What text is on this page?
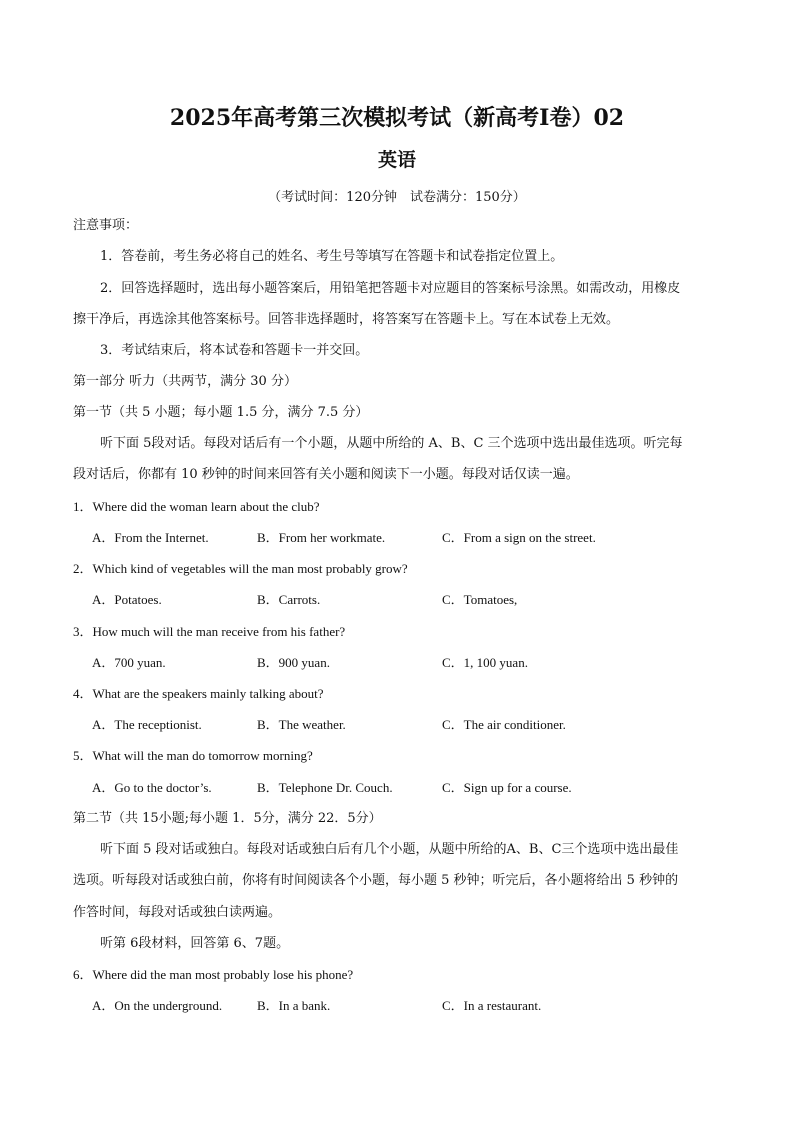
2025年高考第三次模拟考试（新高考I卷）02
英语
（考试时间：120分钟　试卷满分：150分）
注意事项：
1．答卷前，考生务必将自己的姓名、考生号等填写在答题卡和试卷指定位置上。
2．回答选择题时，选出每小题答案后，用铅笔把答题卡对应题目的答案标号涂黑。如需改动，用橡皮
擦干净后，再选涂其他答案标号。回答非选择题时，将答案写在答题卡上。写在本试卷上无效。
3．考试结束后，将本试卷和答题卡一并交回。
第一部分 听力（共两节，满分 30 分）
第一节（共 5 小题；每小题 1.5 分，满分 7.5 分）
听下面 5段对话。每段对话后有一个小题，从题中所给的 A、B、C 三个选项中选出最佳选项。听完每
段对话后，你都有 10 秒钟的时间来回答有关小题和阅读下一小题。每段对话仅读一遍。
1．Where did the woman learn about the club?
A．From the Internet.	B．From her workmate.	C．From a sign on the street.
2．Which kind of vegetables will the man most probably grow?
A．Potatoes.	B．Carrots.	C．Tomatoes,
3．How much will the man receive from his father?
A．700 yuan.	B．900 yuan.	C．1, 100 yuan.
4．What are the speakers mainly talking about?
A．The receptionist.	B．The weather.	C．The air conditioner.
5．What will the man do tomorrow morning?
A．Go to the doctor’s.	B．Telephone Dr. Couch.	C．Sign up for a course.
第二节（共 15小题;每小题 1．5分，满分 22．5分）
听下面 5 段对话或独白。每段对话或独白后有几个小题，从题中所给的A、B、C三个选项中选出最佳
选项。听每段对话或独白前，你将有时间阅读各个小题，每小题 5 秒钟；听完后，各小题将给出 5 秒钟的
作答时间，每段对话或独白读两遍。
听第 6段材料，回答第 6、7题。
6．Where did the man most probably lose his phone?
A．On the underground.	B．In a bank.	C．In a restaurant.
